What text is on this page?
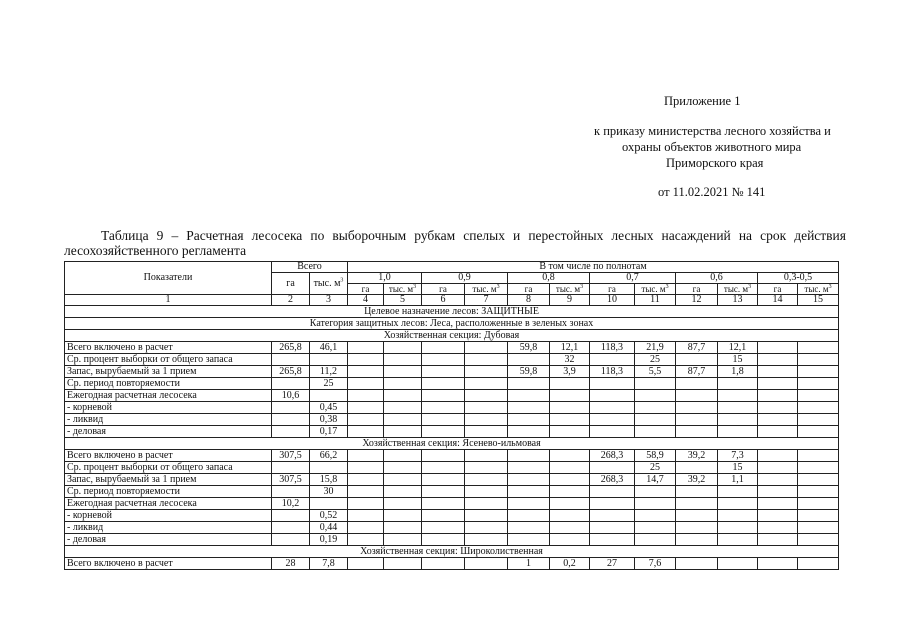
Приложение 1
к приказу министерства лесного хозяйства и
охраны объектов животного мира
Приморского края
от 11.02.2021 № 141
Таблица 9 – Расчетная лесосека по выборочным рубкам спелых и перестойных лесных насаждений на срок действия лесохозяйственного регламента
Показатели	Всего		В том числе по полнотам											
	га	тыс. $м^3$	1,0		0,9		0,8		0,7		0,6		0,3-0,5	
			га	тыс. $м^3$	га	тыс. $м^3$	га	тыс. $м^3$	га	тыс. $м^3$	га	тыс. $м^3$	га	тыс. $м^3$
1	2	3	4	5	6	7	8	9	10	11	12	13	14	15
Целевое назначение лесов: ЗАЩИТНЫЕ														
Категория защитных лесов: Леса, расположенные в зеленых зонах														
Хозяйственная секция: Дубовая														
Всего включено в расчет	265,8	46,1					59,8	12,1	118,3	21,9	87,7	12,1		
Ср. процент выборки от общего запаса								32		25		15		
Запас, вырубаемый за 1 прием	265,8	11,2					59,8	3,9	118,3	5,5	87,7	1,8		
Ср. период повторяемости		25												
Ежегодная расчетная лесосека	10,6													
- корневой		0,45												
- ликвид		0,38												
- деловая		0,17												
Хозяйственная секция: Ясенево-ильмовая														
Всего включено в расчет	307,5	66,2							268,3	58,9	39,2	7,3		
Ср. процент выборки от общего запаса										25		15		
Запас, вырубаемый за 1 прием	307,5	15,8							268,3	14,7	39,2	1,1		
Ср. период повторяемости		30												
Ежегодная расчетная лесосека	10,2													
- корневой		0,52												
- ликвид		0,44												
- деловая		0,19												
Хозяйственная секция: Широколиственная														
Всего включено в расчет	28	7,8					1	0,2	27	7,6				
